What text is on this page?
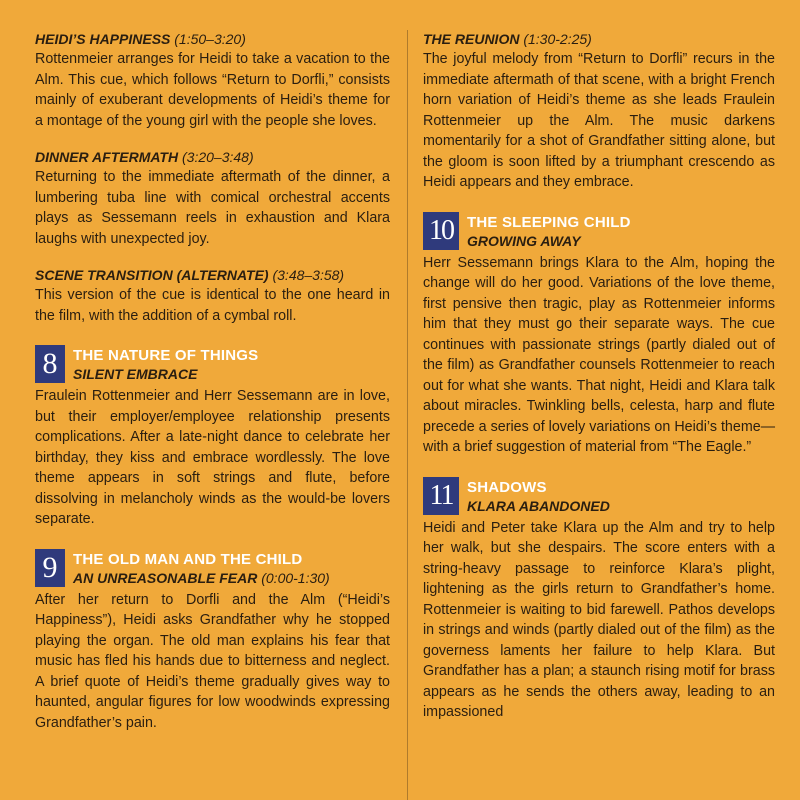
HEIDI’S HAPPINESS (1:50–3:20)

Rottenmeier arranges for Heidi to take a vacation to the Alm. This cue, which follows “Return to Dorfli,” consists mainly of exuberant developments of Heidi’s theme for a montage of the young girl with the people she loves.

DINNER AFTERMATH (3:20–3:48)

Returning to the immediate aftermath of the dinner, a lumbering tuba line with comical orchestral accents plays as Sessemann reels in exhaustion and Klara laughs with unexpected joy.

SCENE TRANSITION (ALTERNATE) (3:48–3:58)

This version of the cue is identical to the one heard in the film, with the addition of a cymbal roll.

8	THE NATURE OF THINGS
SILENT EMBRACE

Fraulein Rottenmeier and Herr Sessemann are in love, but their employer/employee relationship presents complications. After a late-night dance to celebrate her birthday, they kiss and embrace wordlessly. The love theme appears in soft strings and flute, before dissolving in melancholy winds as the would-be lovers separate.

9	THE OLD MAN AND THE CHILD
AN UNREASONABLE FEAR (0:00-1:30)

After her return to Dorfli and the Alm (“Heidi’s Happiness”), Heidi asks Grandfather why he stopped playing the organ. The old man explains his fear that music has fled his hands due to bitterness and neglect. A brief quote of Heidi’s theme gradually gives way to haunted, angular figures for low woodwinds expressing Grandfather’s pain.

THE REUNION (1:30-2:25)

The joyful melody from “Return to Dorfli” recurs in the immediate aftermath of that scene, with a bright French horn variation of Heidi’s theme as she leads Fraulein Rottenmeier up the Alm. The music darkens momentarily for a shot of Grandfather sitting alone, but the gloom is soon lifted by a triumphant crescendo as Heidi appears and they embrace.

10 THE SLEEPING CHILD
GROWING AWAY

Herr Sessemann brings Klara to the Alm, hoping the change will do her good. Variations of the love theme, first pensive then tragic, play as Rottenmeier informs him that they must go their separate ways. The cue continues with passionate strings (partly dialed out of the film) as Grandfather counsels Rottenmeier to reach out for what she wants. That night, Heidi and Klara talk about miracles. Twinkling bells, celesta, harp and flute precede a series of lovely variations on Heidi’s theme—with a brief suggestion of material from “The Eagle.”

11 SHADOWS
KLARA ABANDONED

Heidi and Peter take Klara up the Alm and try to help her walk, but she despairs. The score enters with a string-heavy passage to reinforce Klara’s plight, lightening as the girls return to Grandfather’s home. Rottenmeier is waiting to bid farewell. Pathos develops in strings and winds (partly dialed out of the film) as the governess laments her failure to help Klara. But Grandfather has a plan; a staunch rising motif for brass appears as he sends the others away, leading to an impassioned
